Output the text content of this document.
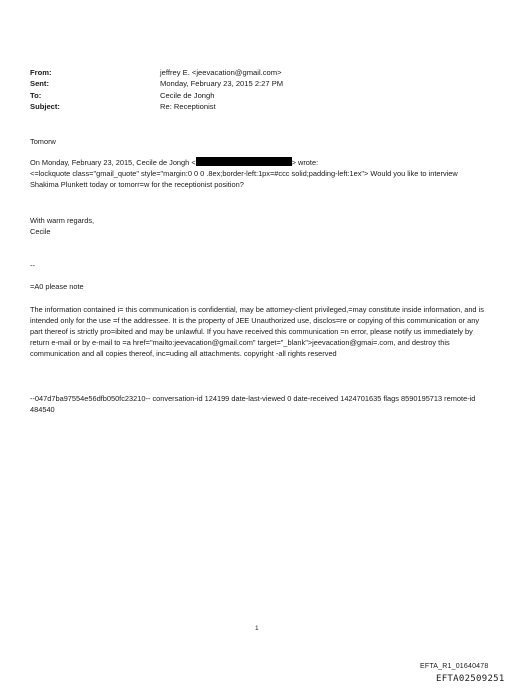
From:	jeffrey E. <jeevacation@gmail.com>
Sent:	Monday, February 23, 2015 2:27 PM
To:	Cecile de Jongh
Subject:	Re: Receptionist
Tomorw
On Monday, February 23, 2015, Cecile de Jongh <	> wrote:
<=lockquote class="gmail_quote" style="margin:0 0 0 .8ex;border-left:1px=#ccc solid;padding-left:1ex"> Would you like to interview Shakima Plunkett today or tomorr=w for the receptionist position?
With warm regards,
Cecile
--
=A0 please note
The information contained i= this communication is confidential, may be attorney-client privileged,=may constitute inside information, and is intended only for the use =f the addressee. It is the property of JEE Unauthorized use, disclos=re or copying of this communication or any part thereof is strictly pro=ibited and may be unlawful. If you have received this communication =n error, please notify us immediately by return e-mail or by e-mail to =a href="mailto:jeevacation@gmail.com" target="_blank">jeevacation@gmai=.com, and destroy this communication and all copies thereof, inc=uding all attachments. copyright -all rights reserved
--047d7ba97554e56dfb050fc23210-- conversation-id 124199 date-last-viewed 0 date-received 1424701635 flags 8590195713 remote-id 484540
1
EFTA_R1_01640478
EFTA02509251
